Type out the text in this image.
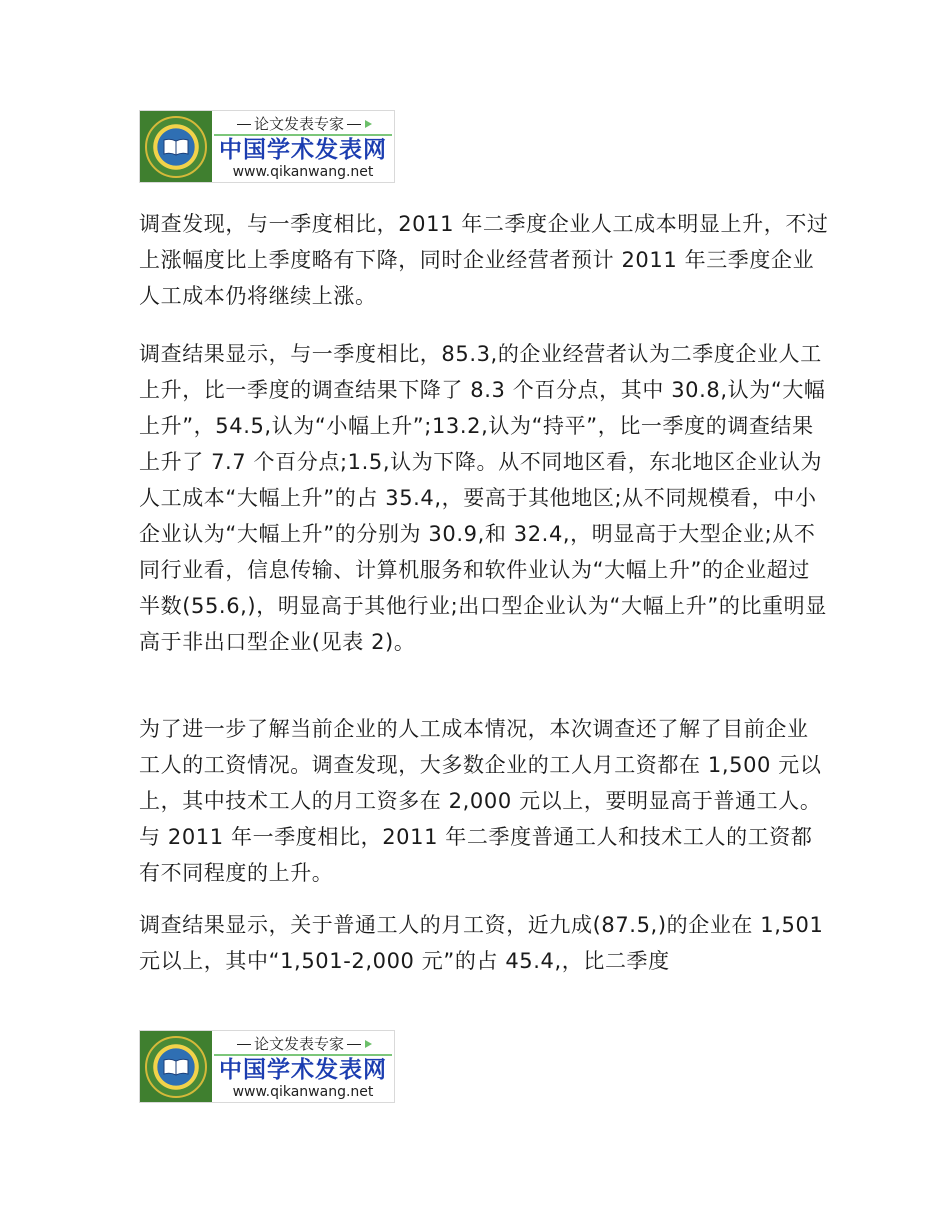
论文发表专家
中国学术发表网
www.qikanwang.net

调查发现，与一季度相比，2011 年二季度企业人工成本明显上升，不过上涨幅度比上季度略有下降，同时企业经营者预计 2011 年三季度企业人工成本仍将继续上涨。

调查结果显示，与一季度相比，85.3,的企业经营者认为二季度企业人工上升，比一季度的调查结果下降了 8.3 个百分点，其中 30.8,认为“大幅上升”，54.5,认为“小幅上升”;13.2,认为“持平”，比一季度的调查结果上升了 7.7 个百分点;1.5,认为下降。从不同地区看，东北地区企业认为人工成本“大幅上升”的占 35.4,，要高于其他地区;从不同规模看，中小企业认为“大幅上升”的分别为 30.9,和 32.4,，明显高于大型企业;从不同行业看，信息传输、计算机服务和软件业认为“大幅上升”的企业超过半数(55.6,)，明显高于其他行业;出口型企业认为“大幅上升”的比重明显高于非出口型企业(见表 2)。

为了进一步了解当前企业的人工成本情况，本次调查还了解了目前企业工人的工资情况。调查发现，大多数企业的工人月工资都在 1,500 元以上，其中技术工人的月工资多在 2,000 元以上，要明显高于普通工人。与 2011 年一季度相比，2011 年二季度普通工人和技术工人的工资都有不同程度的上升。

调查结果显示，关于普通工人的月工资，近九成(87.5,)的企业在 1,501 元以上，其中“1,501-2,000 元”的占 45.4,，比二季度

论文发表专家
中国学术发表网
www.qikanwang.net
